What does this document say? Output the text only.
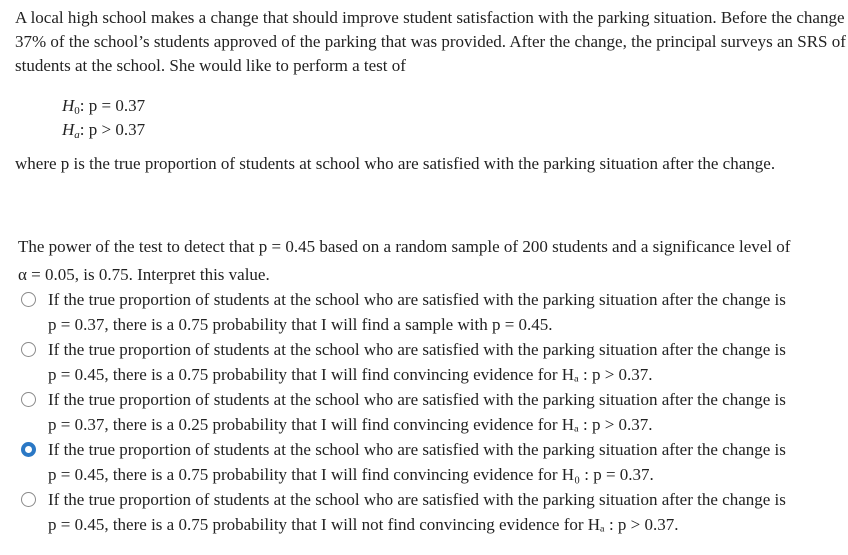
A local high school makes a change that should improve student satisfaction with the parking situation. Before the change
37% of the school’s students approved of the parking that was provided. After the change, the principal surveys an SRS of
students at the school. She would like to perform a test of
$H_0$: p = 0.37
$H_a$: p > 0.37
where p is the true proportion of students at school who are satisfied with the parking situation after the change.
The power of the test to detect that p = 0.45 based on a random sample of 200 students and a significance level of
α = 0.05, is 0.75. Interpret this value.
If the true proportion of students at the school who are satisfied with the parking situation after the change is
p = 0.37, there is a 0.75 probability that I will find a sample with p = 0.45.
If the true proportion of students at the school who are satisfied with the parking situation after the change is
p = 0.45, there is a 0.75 probability that I will find convincing evidence for Hₐ : p > 0.37.
If the true proportion of students at the school who are satisfied with the parking situation after the change is
p = 0.37, there is a 0.25 probability that I will find convincing evidence for Hₐ : p > 0.37.
If the true proportion of students at the school who are satisfied with the parking situation after the change is
p = 0.45, there is a 0.75 probability that I will find convincing evidence for H₀ : p = 0.37.
If the true proportion of students at the school who are satisfied with the parking situation after the change is
p = 0.45, there is a 0.75 probability that I will not find convincing evidence for Hₐ : p > 0.37.
